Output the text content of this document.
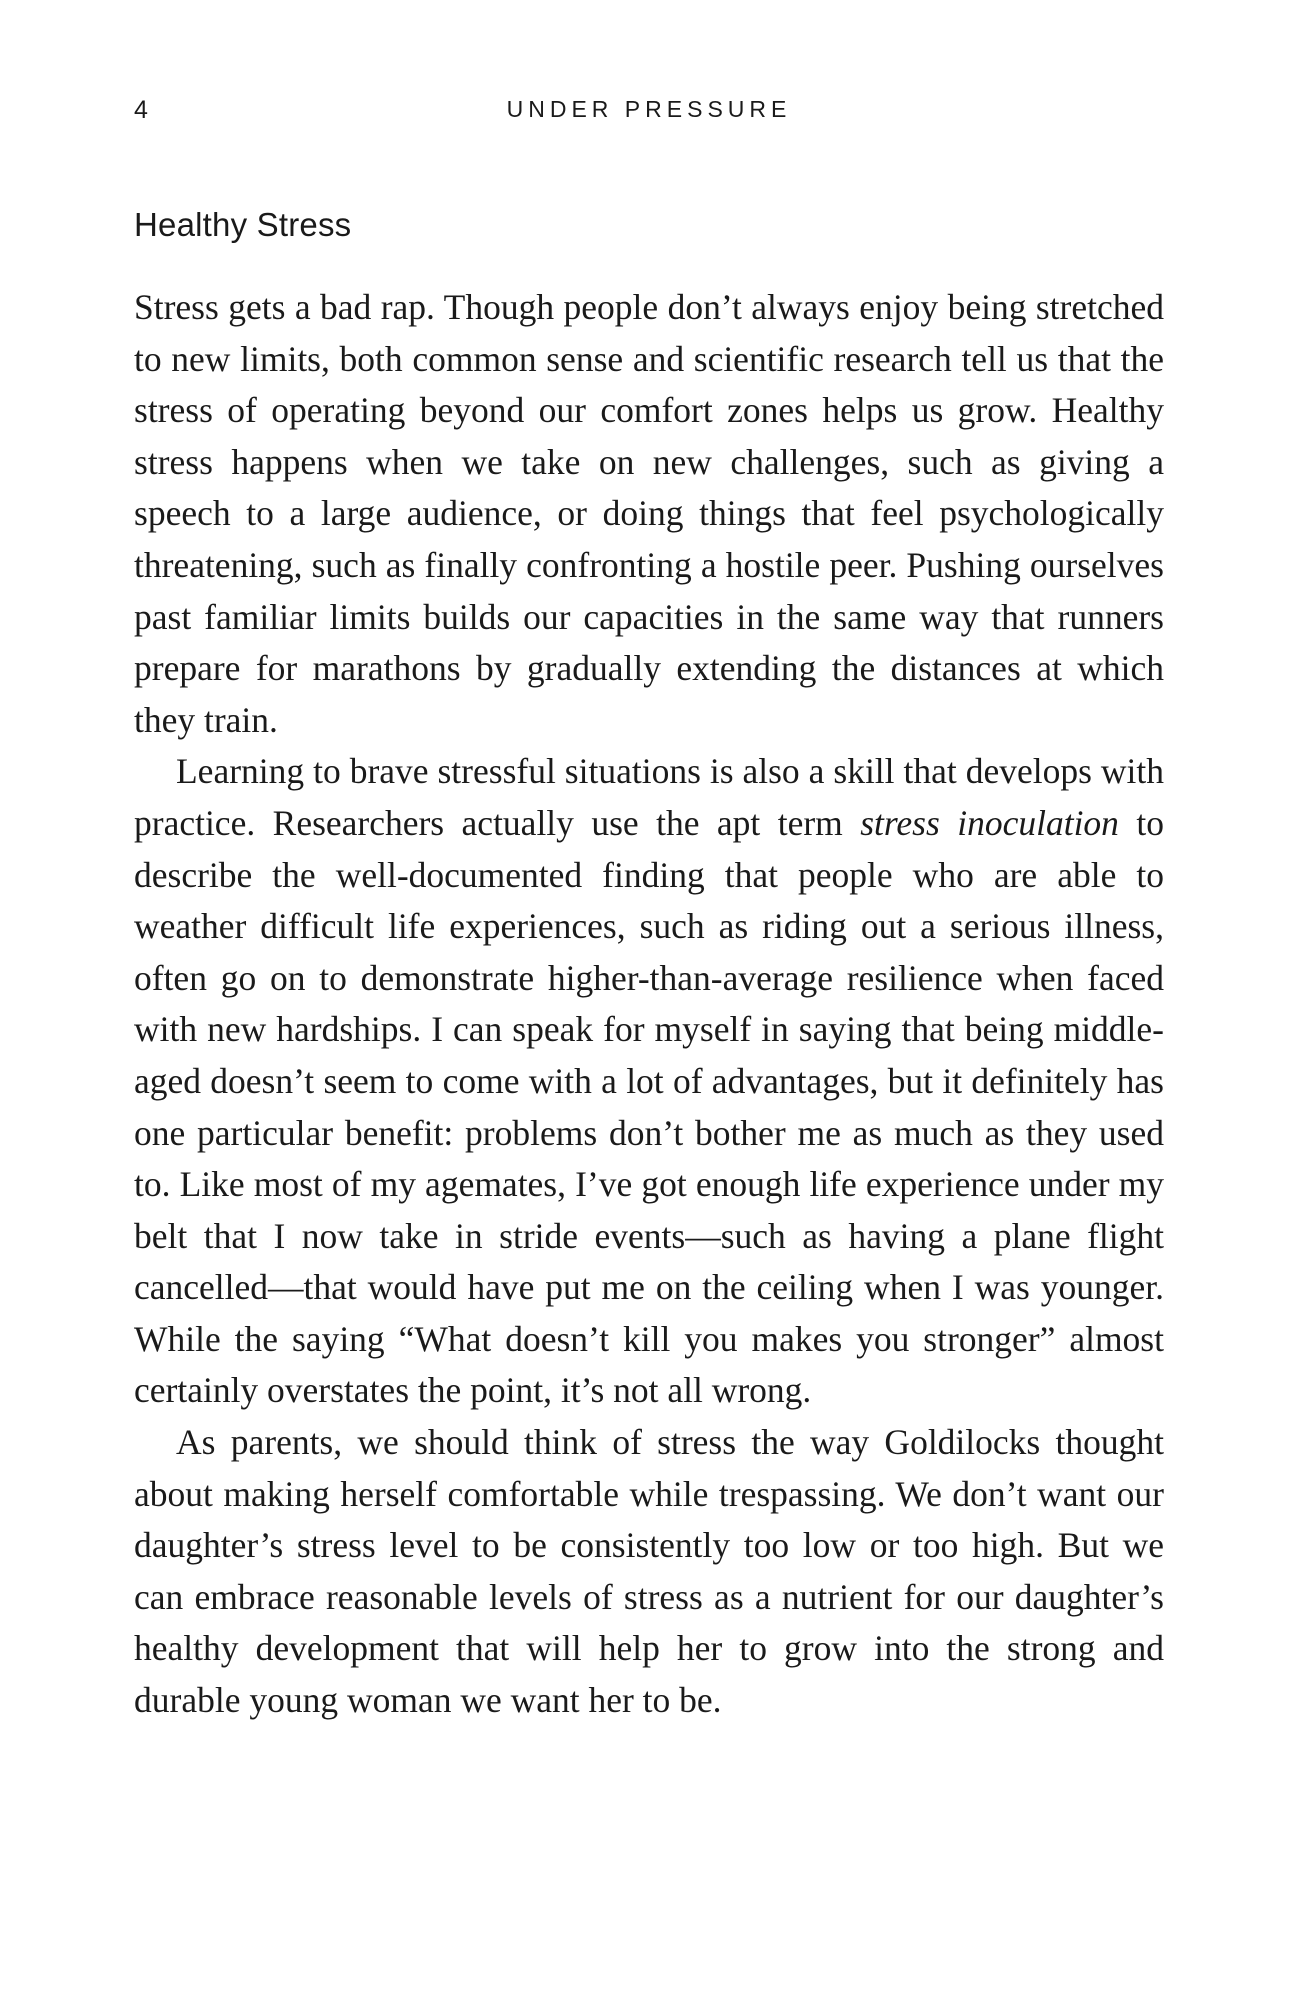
4	UNDER PRESSURE
Healthy Stress

Stress gets a bad rap. Though people don’t always enjoy being stretched to new limits, both common sense and scientific research tell us that the stress of operating beyond our comfort zones helps us grow. Healthy stress happens when we take on new challenges, such as giving a speech to a large audience, or doing things that feel psychologically threatening, such as finally confronting a hostile peer. Pushing ourselves past familiar limits builds our capacities in the same way that runners prepare for marathons by gradually extending the distances at which they train.

Learning to brave stressful situations is also a skill that develops with practice. Researchers actually use the apt term stress inoculation to describe the well-documented finding that people who are able to weather difficult life experiences, such as riding out a serious illness, often go on to demonstrate higher-than-average resilience when faced with new hardships. I can speak for myself in saying that being middle-aged doesn’t seem to come with a lot of advantages, but it definitely has one particular benefit: problems don’t bother me as much as they used to. Like most of my agemates, I’ve got enough life experience under my belt that I now take in stride events—such as having a plane flight cancelled—that would have put me on the ceiling when I was younger. While the saying “What doesn’t kill you makes you stronger” almost certainly overstates the point, it’s not all wrong.

As parents, we should think of stress the way Goldilocks thought about making herself comfortable while trespassing. We don’t want our daughter’s stress level to be consistently too low or too high. But we can embrace reasonable levels of stress as a nutrient for our daughter’s healthy development that will help her to grow into the strong and durable young woman we want her to be.
